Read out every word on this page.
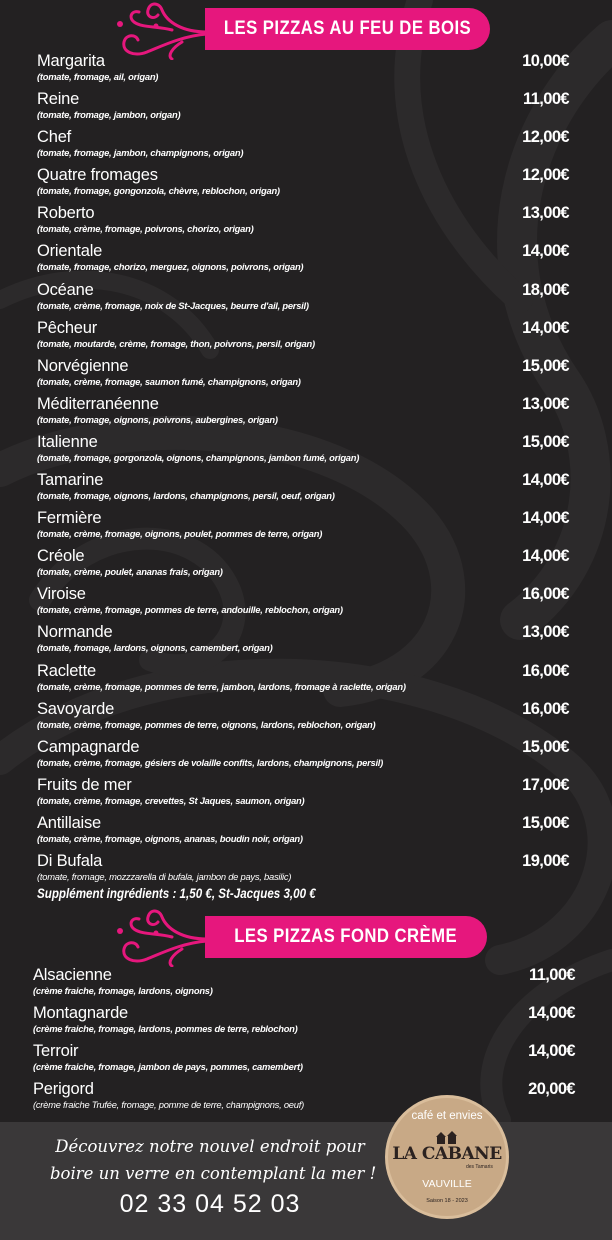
LES PIZZAS AU FEU DE BOIS
Margarita
(tomate, fromage, ail, origan)
10,00€
Reine
(tomate, fromage, jambon, origan)
11,00€
Chef
(tomate, fromage, jambon, champignons, origan)
12,00€
Quatre fromages
(tomate, fromage, gongonzola, chèvre, reblochon, origan)
12,00€
Roberto
(tomate, crème, fromage, poivrons, chorizo, origan)
13,00€
Orientale
(tomate, fromage, chorizo, merguez, oignons, poivrons, origan)
14,00€
Océane
(tomate, crème, fromage, noix de St-Jacques, beurre d'ail, persil)
18,00€
Pêcheur
(tomate, moutarde, crème, fromage, thon, poivrons, persil, origan)
14,00€
Norvégienne
(tomate, crème, fromage, saumon fumé, champignons, origan)
15,00€
Méditerranéenne
(tomate, fromage, oignons, poivrons, aubergines, origan)
13,00€
Italienne
(tomate, fromage, gorgonzola, oignons, champignons, jambon fumé, origan)
15,00€
Tamarine
(tomate, fromage, oignons, lardons, champignons, persil, oeuf, origan)
14,00€
Fermière
(tomate, crème, fromage, oignons, poulet, pommes de terre, origan)
14,00€
Créole
(tomate, crème, poulet, ananas frais, origan)
14,00€
Viroise
(tomate, crème, fromage, pommes de terre, andouille, reblochon, origan)
16,00€
Normande
(tomate, fromage, lardons, oignons, camembert, origan)
13,00€
Raclette
(tomate, crème, fromage, pommes de terre, jambon, lardons, fromage à raclette, origan)
16,00€
Savoyarde
(tomate, crème, fromage, pommes de terre, oignons, lardons, reblochon, origan)
16,00€
Campagnarde
(tomate, crème, fromage, gésiers de volaille confits, lardons, champignons, persil)
15,00€
Fruits de mer
(tomate, crème, fromage, crevettes, St Jaques, saumon, origan)
17,00€
Antillaise
(tomate, crème, fromage, oignons, ananas, boudin noir, origan)
15,00€
Di Bufala
(tomate, fromage, mozzzarella di bufala, jambon de pays, basilic)
19,00€
Supplément ingrédients : 1,50 €, St-Jacques 3,00 €
LES PIZZAS FOND CRÈME
Alsacienne
(crème fraiche, fromage, lardons, oignons)
11,00€
Montagnarde
(crème fraiche, fromage, lardons, pommes de terre, reblochon)
14,00€
Terroir
(crème fraiche, fromage, jambon de pays, pommes, camembert)
14,00€
Perigord
(crème fraiche Trufée, fromage, pomme de terre, champignons, oeuf)
20,00€
Découvrez notre nouvel endroit pour
boire un verre en contemplant la mer !
02 33 04 52 03
café et envies
LA CABANE
des Tamaris
VAUVILLE
Saison 18 - 2023
